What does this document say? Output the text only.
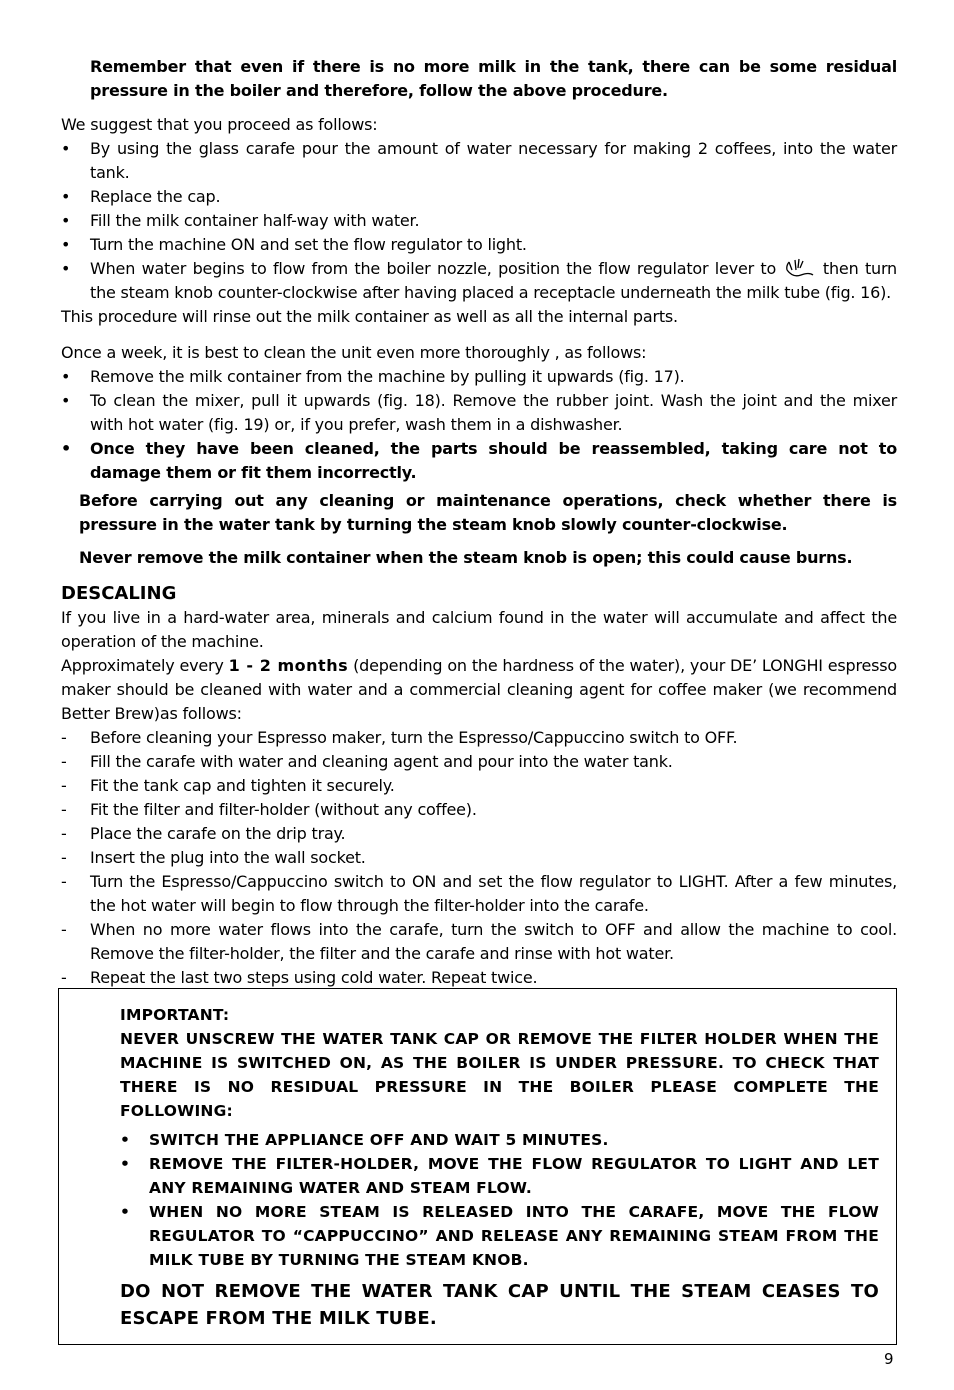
Remember that even if there is no more milk in the tank, there can be some residual pressure in the boiler and therefore, follow the above procedure.

We suggest that you proceed as follows:

•	By using the glass carafe pour the amount of water necessary for making 2 coffees, into the water tank.
•	Replace the cap.
•	Fill the milk container half-way with water.
•	Turn the machine ON and set the flow regulator to light.
•	When water begins to flow from the boiler nozzle, position the flow regulator lever to  then turn the steam knob counter-clockwise after having placed a receptacle underneath the milk tube (fig. 16).

This procedure will rinse out the milk container as well as all the internal parts.

Once a week, it is best to clean the unit even more thoroughly , as follows:

•	Remove the milk container from the machine by pulling it upwards (fig. 17).
•	To clean the mixer, pull it upwards (fig. 18). Remove the rubber joint. Wash the joint and the mixer with hot water (fig. 19) or, if you prefer, wash them in a dishwasher.
•	Once they have been cleaned, the parts should be reassembled, taking care not to damage them or fit them incorrectly.

Before carrying out any cleaning or maintenance operations, check whether there is pressure in the water tank by turning the steam knob slowly counter-clockwise.

Never remove the milk container when the steam knob is open; this could cause burns.

DESCALING

If you live in a hard-water area, minerals and calcium found in the water will accumulate and affect the operation of the machine.

Approximately every 1 - 2 months (depending on the hardness of the water), your DE’ LONGHI espresso maker should be cleaned with water and a commercial cleaning agent for coffee maker (we recommend Better Brew)as follows:

-	Before cleaning your Espresso maker, turn the Espresso/Cappuccino switch to OFF.
-	Fill the carafe with water and cleaning agent and pour into the water tank.
-	Fit the tank cap and tighten it securely.
-	Fit the filter and filter-holder (without any coffee).
-	Place the carafe on the drip tray.
-	Insert the plug into the wall socket.
-	Turn the Espresso/Cappuccino switch to ON and set the flow regulator to LIGHT. After a few minutes, the hot water will begin to flow through the filter-holder into the carafe.
-	When no more water flows into the carafe, turn the switch to OFF and allow the machine to cool. Remove the filter-holder, the filter and the carafe and rinse with hot water.
-	Repeat the last two steps using cold water. Repeat twice.

IMPORTANT:

NEVER UNSCREW THE WATER TANK CAP OR REMOVE THE FILTER HOLDER WHEN THE MACHINE IS SWITCHED ON, AS THE BOILER IS UNDER PRESSURE. TO CHECK THAT THERE IS NO RESIDUAL PRESSURE IN THE BOILER PLEASE COMPLETE THE FOLLOWING:

•	SWITCH THE APPLIANCE OFF AND WAIT 5 MINUTES.
•	REMOVE THE FILTER-HOLDER, MOVE THE FLOW REGULATOR TO LIGHT AND LET ANY REMAINING WATER AND STEAM FLOW.
•	WHEN NO MORE STEAM IS RELEASED INTO THE CARAFE, MOVE THE FLOW REGULATOR TO “CAPPUCCINO” AND RELEASE ANY REMAINING STEAM FROM THE MILK TUBE BY TURNING THE STEAM KNOB.

DO NOT REMOVE THE WATER TANK CAP UNTIL THE STEAM CEASES TO ESCAPE FROM THE MILK TUBE.

9
